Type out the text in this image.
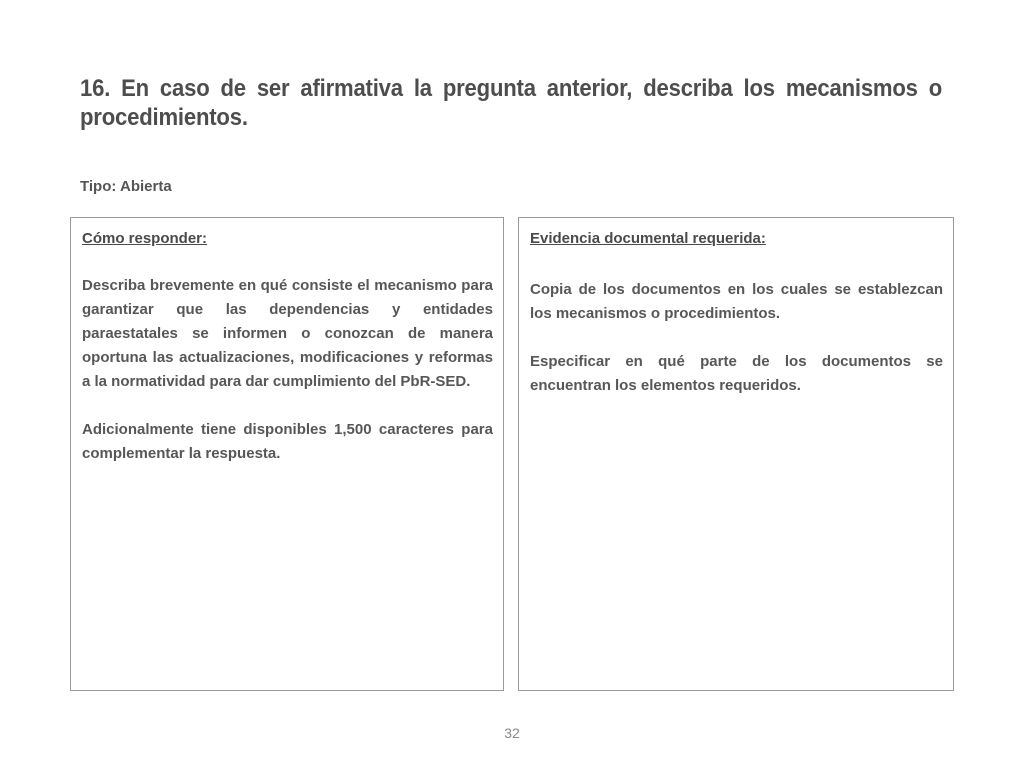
16. En caso de ser afirmativa la pregunta anterior, describa los mecanismos o procedimientos.

Tipo: Abierta

Cómo responder:

Describa brevemente en qué consiste el mecanismo para garantizar que las dependencias y entidades paraestatales se informen o conozcan de manera oportuna las actualizaciones, modificaciones y reformas a la normatividad para dar cumplimiento del PbR-SED.

Adicionalmente tiene disponibles 1,500 caracteres para complementar la respuesta.

Evidencia documental requerida:

Copia de los documentos en los cuales se establezcan los mecanismos o procedimientos.

Especificar en qué parte de los documentos se encuentran los elementos requeridos.

32
